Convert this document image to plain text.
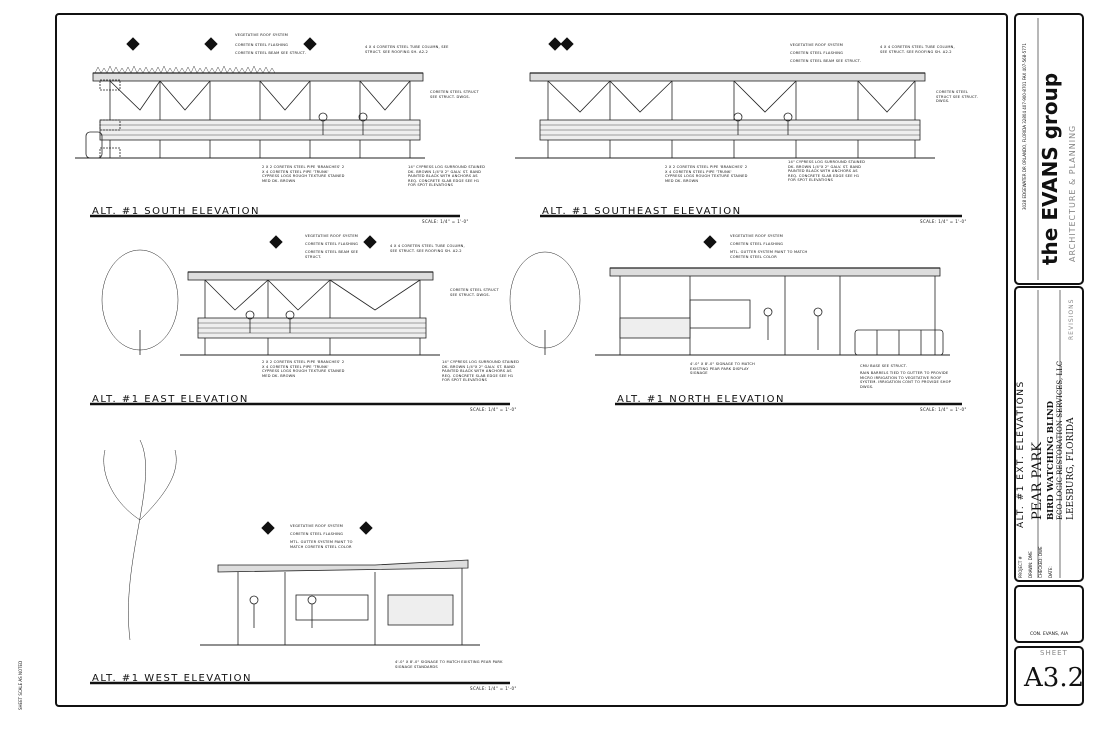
ALT. #1 SOUTH ELEVATION
SCALE: 1/4" = 1'-0"
ALT. #1 SOUTHEAST ELEVATION
SCALE: 1/4" = 1'-0"
ALT. #1 EAST ELEVATION
SCALE: 1/4" = 1'-0"
ALT. #1 NORTH ELEVATION
SCALE: 1/4" = 1'-0"
ALT. #1 WEST ELEVATION
SCALE: 1/4" = 1'-0"
VEGETATIVE ROOF SYSTEM
CORETEN STEEL FLASHING
CORETEN STEEL BEAM SEE STRUCT.
4 X 4 CORETEN STEEL TUBE COLUMN, SEE STRUCT. SEE ROOFING SH. A2.2
CORETEN STEEL STRUCT SEE STRUCT. DWGS.
2 X 2 CORETEN STEEL PIPE 'BRANCHES' 2 X 4 CORETEN STEEL PIPE 'TRUNK' CYPRESS LOGS ROUGH TEXTURE STAINED MED DK. BROWN
14" CYPRESS LOG SURROUND STAINED DK. BROWN 1/4"X 2" GALV. ST. BAND PAINTED BLACK WITH ANCHORS AS REQ. CONCRETE SLAB EDGE SEE H1 FOR SPOT ELEVATIONS
VEGETATIVE ROOF SYSTEM
CORETEN STEEL FLASHING
CORETEN STEEL BEAM SEE STRUCT.
4 X 4 CORETEN STEEL TUBE COLUMN, SEE STRUCT. SEE ROOFING SH. A2.2
CORETEN STEEL STRUCT SEE STRUCT. DWGS.
2 X 2 CORETEN STEEL PIPE 'BRANCHES' 2 X 4 CORETEN STEEL PIPE 'TRUNK' CYPRESS LOGS ROUGH TEXTURE STAINED MED DK. BROWN
14" CYPRESS LOG SURROUND STAINED DK. BROWN 1/4"X 2" GALV. ST. BAND PAINTED BLACK WITH ANCHORS AS REQ. CONCRETE SLAB EDGE SEE H1 FOR SPOT ELEVATIONS
VEGETATIVE ROOF SYSTEM
CORETEN STEEL FLASHING
CORETEN STEEL BEAM SEE STRUCT.
4 X 4 CORETEN STEEL TUBE COLUMN, SEE STRUCT. SEE ROOFING SH. A2.2
CORETEN STEEL STRUCT SEE STRUCT. DWGS.
2 X 2 CORETEN STEEL PIPE 'BRANCHES' 2 X 4 CORETEN STEEL PIPE 'TRUNK' CYPRESS LOGS ROUGH TEXTURE STAINED MED DK. BROWN
14" CYPRESS LOG SURROUND STAINED DK. BROWN 1/4"X 2" GALV. ST. BAND PAINTED BLACK WITH ANCHORS AS REQ. CONCRETE SLAB EDGE SEE H1 FOR SPOT ELEVATIONS
VEGETATIVE ROOF SYSTEM
CORETEN STEEL FLASHING
MTL. GUTTER SYSTEM PAINT TO MATCH CORETEN STEEL COLOR
4'-0" X 8'-0" SIGNAGE TO MATCH EXISTING PEAR PARK DISPLAY SIGNAGE
CMU BASE SEE STRUCT.
RAIN BARRELS TIED TO GUTTER TO PROVIDE MICRO IRRIGATION TO VEGETATIVE ROOF SYSTEM. IRRIGATION CONT TO PROVIDE SHOP DWGS.
VEGETATIVE ROOF SYSTEM
CORETEN STEEL FLASHING
MTL. GUTTER SYSTEM PAINT TO MATCH CORETEN STEEL COLOR
4'-0" X 8'-0" SIGNAGE TO MATCH EXISTING PEAR PARK SIGNAGE STANDARDS
SHEET SCALE AS NOTED
3028 EDGEWATER DR ORLANDO, FLORIDA 32804 407-900-8701 FAX 407-568-5771 the EVANS group ARCHITECTURE & PLANNING
REVISIONS
ALT. #1 EXT. ELEVATIONS PEAR PARK BIRD WATCHING BLIND ECO-LOGIC RESTORATION SERVICES, LLC LEESBURG, FLORIDA
PROJECT # DRAWN: DME CHECKED: DWE DATE:
CON. EVANS, AIA
SHEET
A3.2
